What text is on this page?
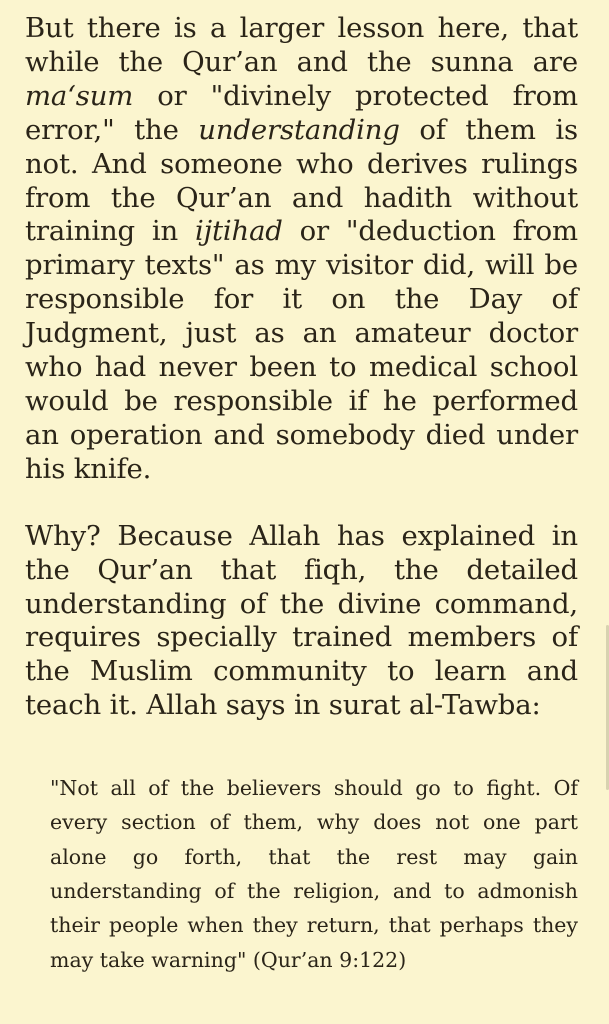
But there is a larger lesson here, that while the Qur’an and the sunna are ma‘sum or "divinely protected from error," the understanding of them is not. And someone who derives rulings from the Qur’an and hadith without training in ijtihad or "deduction from primary texts" as my visitor did, will be responsible for it on the Day of Judgment, just as an amateur doctor who had never been to medical school would be responsible if he performed an operation and somebody died under his knife.

Why? Because Allah has explained in the Qur’an that fiqh, the detailed understanding of the divine command, requires specially trained members of the Muslim community to learn and teach it. Allah says in surat al-Tawba:

"Not all of the believers should go to fight. Of every section of them, why does not one part alone go forth, that the rest may gain understanding of the religion, and to admonish their people when they return, that perhaps they may take warning" (Qur’an 9:122)
